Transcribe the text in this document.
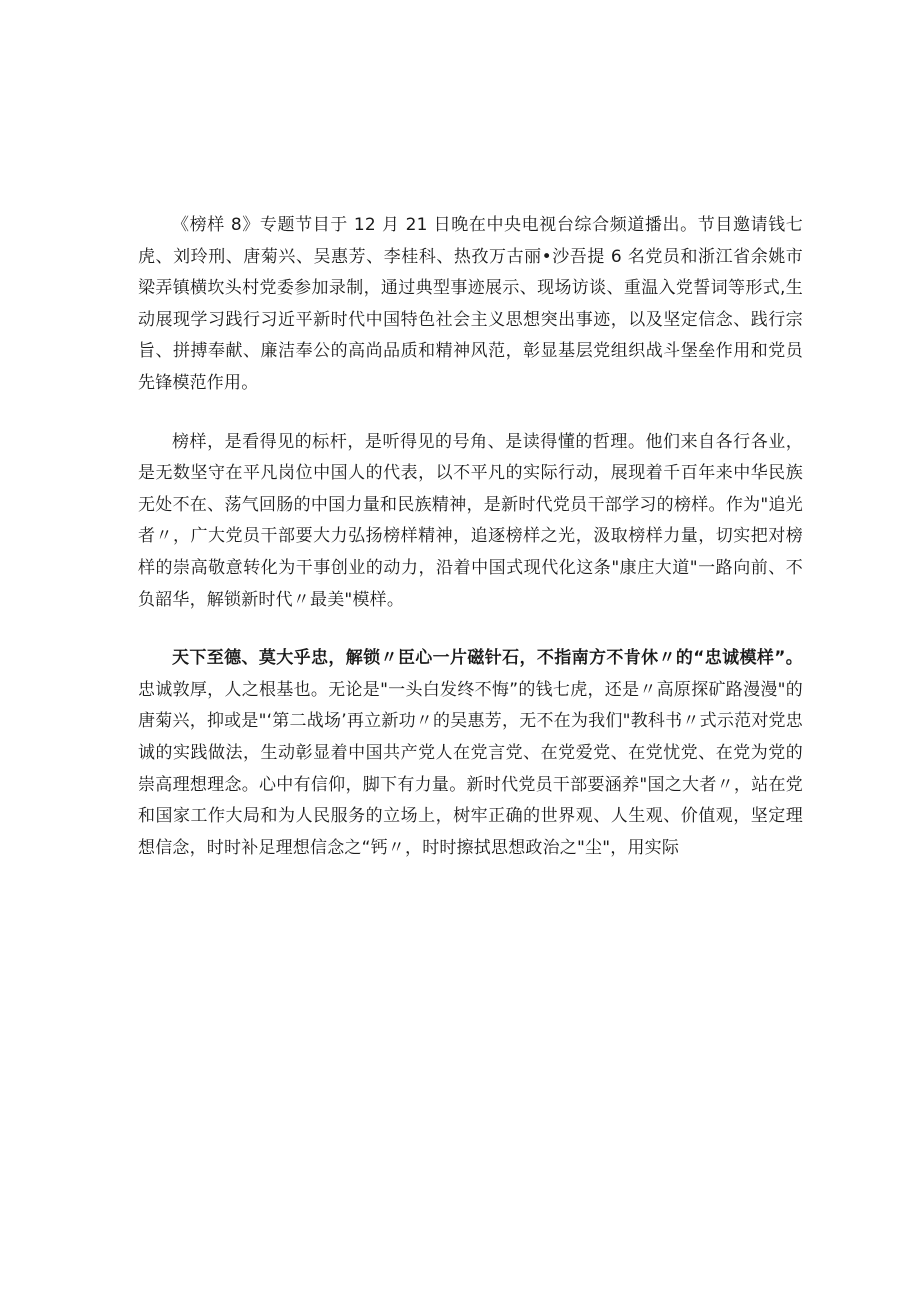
《榜样 8》专题节目于 12 月 21 日晚在中央电视台综合频道播出。节目邀请钱七虎、刘玲刑、唐菊兴、吴惠芳、李桂科、热孜万古丽•沙吾提 6 名党员和浙江省余姚市梁弄镇横坎头村党委参加录制，通过典型事迹展示、现场访谈、重温入党誓词等形式,生动展现学习践行习近平新时代中国特色社会主义思想突出事迹，以及坚定信念、践行宗旨、拼搏奉献、廉洁奉公的高尚品质和精神风范，彰显基层党组织战斗堡垒作用和党员先锋模范作用。

榜样，是看得见的标杆，是听得见的号角、是读得懂的哲理。他们来自各行各业，是无数坚守在平凡岗位中国人的代表，以不平凡的实际行动，展现着千百年来中华民族无处不在、荡气回肠的中国力量和民族精神，是新时代党员干部学习的榜样。作为"追光者〃，广大党员干部要大力弘扬榜样精神，追逐榜样之光，汲取榜样力量，切实把对榜样的崇高敬意转化为干事创业的动力，沿着中国式现代化这条"康庄大道"一路向前、不负韶华，解锁新时代〃最美"模样。

天下至德、莫大乎忠，解锁〃臣心一片磁针石，不指南方不肯休〃的“忠诚模样”。忠诚敦厚，人之根基也。无论是"一头白发终不悔”的钱七虎，还是〃高原探矿路漫漫"的唐菊兴，抑或是"‘第二战场’再立新功〃的吴惠芳，无不在为我们"教科书〃式示范对党忠诚的实践做法，生动彰显着中国共产党人在党言党、在党爱党、在党忧党、在党为党的崇高理想理念。心中有信仰，脚下有力量。新时代党员干部要涵养"国之大者〃，站在党和国家工作大局和为人民服务的立场上，树牢正确的世界观、人生观、价值观，坚定理想信念，时时补足理想信念之“钙〃，时时擦拭思想政治之"尘"，用实际
